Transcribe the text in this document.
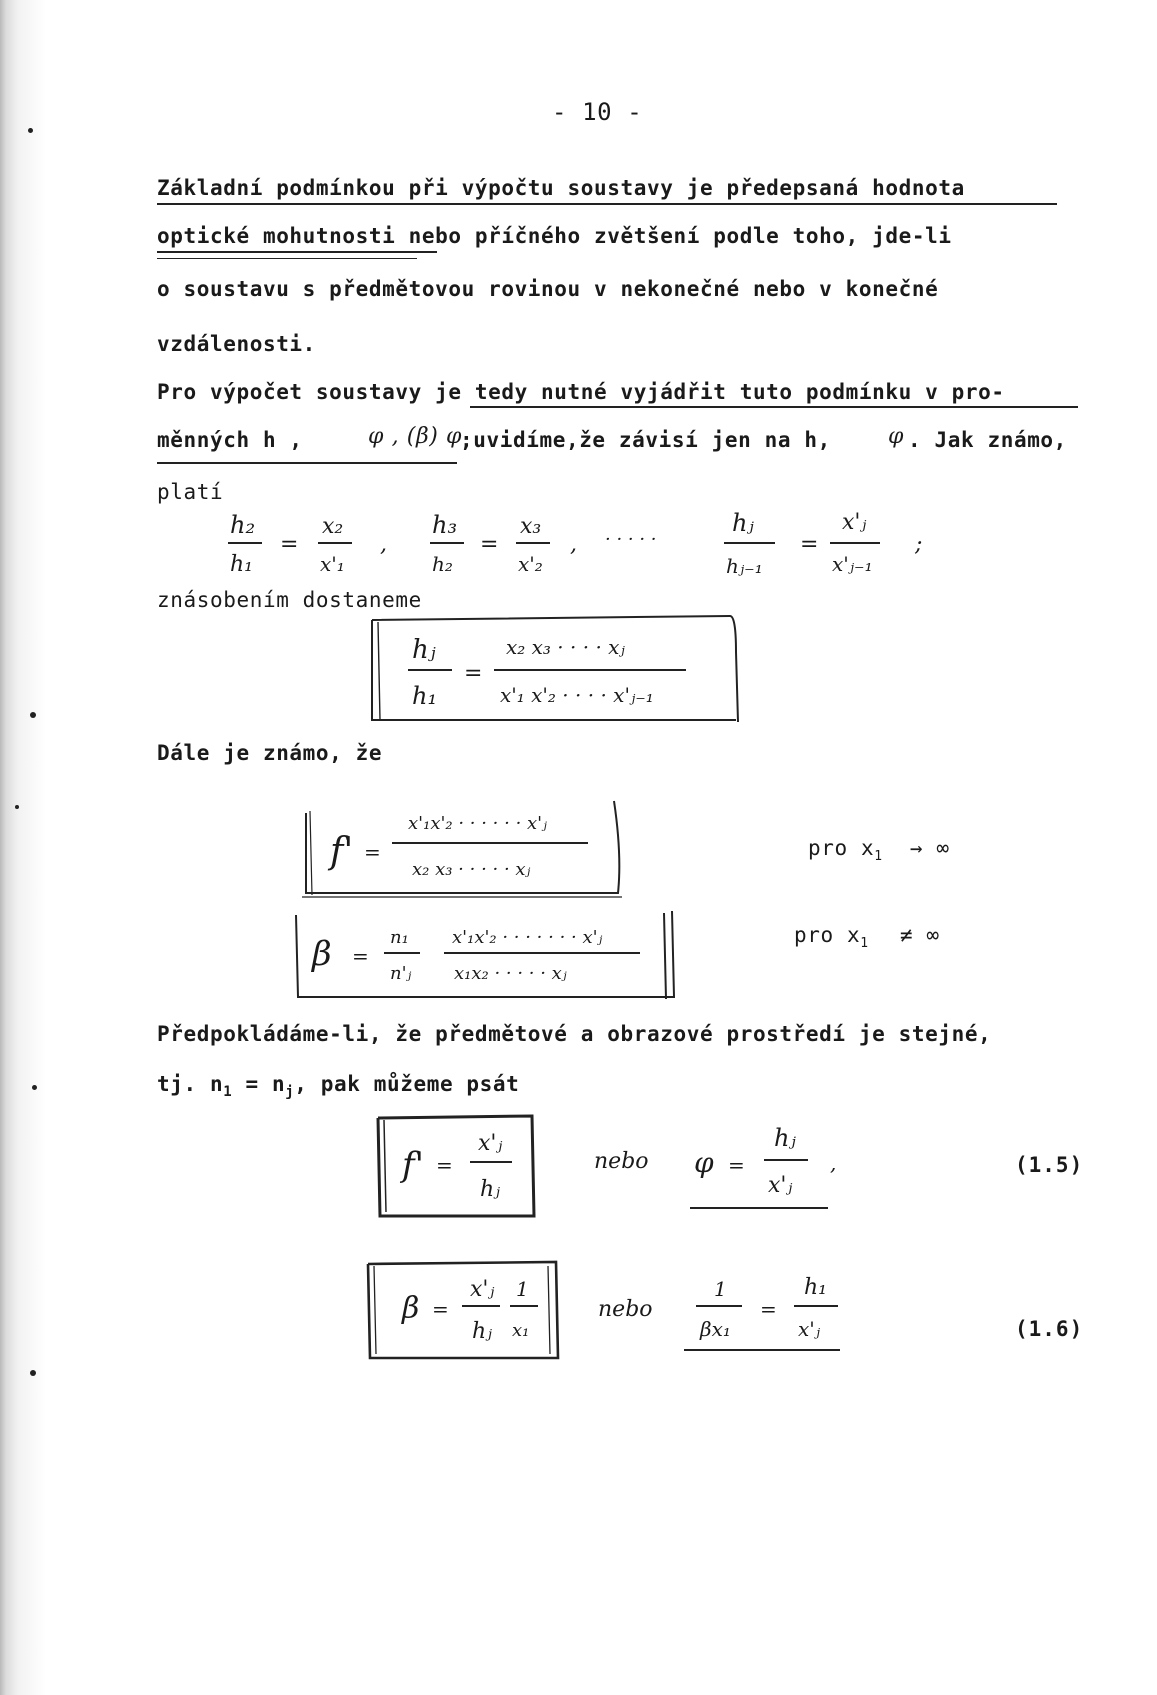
- 10 -
Základní podmínkou při výpočtu soustavy je předepsaná hodnota
optické mohutnosti nebo příčného zvětšení podle toho, jde-li
o soustavu s předmětovou rovinou v nekonečné nebo v konečné
vzdálenosti.
Pro výpočet soustavy je tedy nutné vyjádřit tuto podmínku v pro-
měnných h ,	φ , (β) φ
;uvidíme,že závisí jen na h,	φ . Jak známo,
platí
h₂
h₁
=
x₂
x'₁
,
h₃
h₂
=
x₃
x'₂
, · · · · ·
hⱼ
hⱼ₋₁
=
x'ⱼ
x'ⱼ₋₁
;
znásobením dostaneme
hⱼ
h₁
=
x₂ x₃ · · · · xⱼ
x'₁ x'₂ · · · · x'ⱼ₋₁
Dále je známo, že
f' =
x'₁x'₂ · · · · · · x'ⱼ
x₂ x₃ · · · · · xⱼ
pro $x_1$ → ∞
β =
n₁
n'ⱼ
x'₁x'₂ · · · · · · · x'ⱼ
x₁x₂ · · · · · xⱼ
pro $x_1$ ≠ ∞
Předpokládáme-li, že předmětové a obrazové prostředí je stejné,
tj. $n_1 = n_j$, pak můžeme psát
f' =
x'ⱼ
hⱼ
nebo φ =
hⱼ
x'ⱼ
,	(1.5)
β =
x'ⱼ
hⱼ
1
x₁
nebo
1
βx₁
=
h₁
x'ⱼ	(1.6)
